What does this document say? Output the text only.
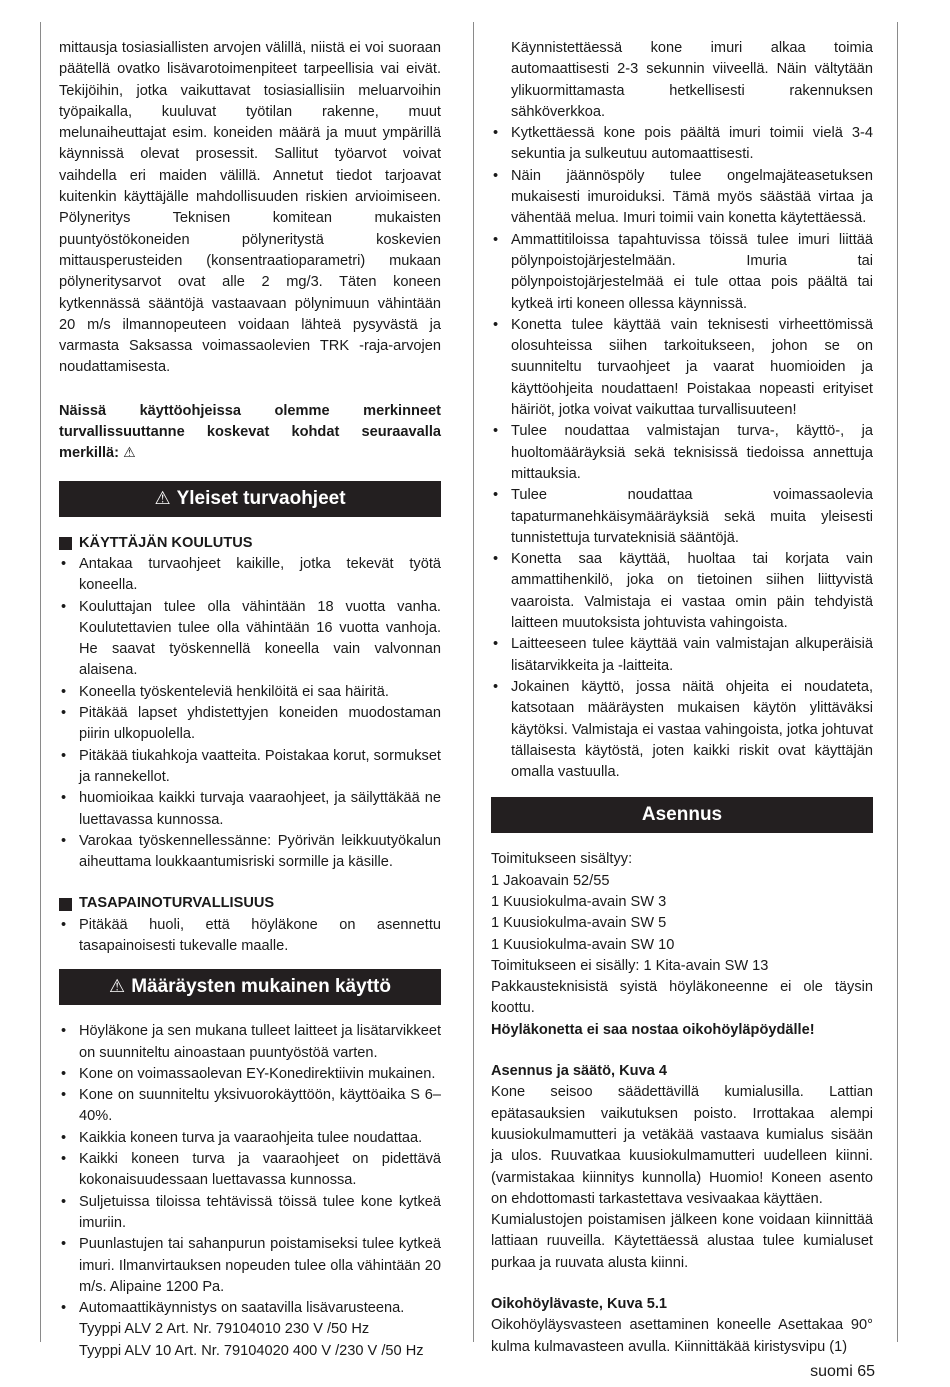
mittausja tosiasiallisten arvojen välillä, niistä ei voi suoraan päätellä ovatko lisävarotoimenpiteet tarpeellisia vai eivät. Tekijöihin, jotka vaikuttavat tosiasiallisiin meluarvoihin työpaikalla, kuuluvat työtilan rakenne, muut melunaiheuttajat esim. koneiden määrä ja muut ympärillä käynnissä olevat prosessit. Sallitut työarvot voivat vaihdella eri maiden välillä. Annetut tiedot tarjoavat kuitenkin käyttäjälle mahdollisuuden riskien arvioimiseen. Pölyneritys Teknisen komitean mukaisten puuntyöstökoneiden pölyneritystä koskevien mittausperusteiden (konsentraatioparametri) mukaan pölyneritysarvot ovat alle 2 mg/3. Täten koneen kytkennässä sääntöjä vastaavaan pölynimuun vähintään 20 m/s ilmannopeuteen voidaan lähteä pysyvästä ja varmasta Saksassa voimassaolevien TRK -raja-arvojen noudattamisesta.

Näissä käyttöohjeissa olemme merkinneet turvallissuuttanne koskevat kohdat seuraavalla merkillä: ⚠

⚠ Yleiset turvaohjeet
KÄYTTÄJÄN KOULUTUS
• Antakaa turvaohjeet kaikille, jotka tekevät työtä koneella.
• Kouluttajan tulee olla vähintään 18 vuotta vanha. Koulutettavien tulee olla vähintään 16 vuotta vanhoja. He saavat työskennellä koneella vain valvonnan alaisena.
• Koneella työskenteleviä henkilöitä ei saa häiritä.
• Pitäkää lapset yhdistettyjen koneiden muodostaman piirin ulkopuolella.
• Pitäkää tiukahkoja vaatteita. Poistakaa korut, sormukset ja rannekellot.
• huomioikaa kaikki turvaja vaaraohjeet, ja säilyttäkää ne luettavassa kunnossa.
• Varokaa työskennellessänne: Pyörivän leikkuutyökalun aiheuttama loukkaantumisriski sormille ja käsille.
TASAPAINOTURVALLISUUS
• Pitäkää huoli, että höyläkone on asennettu tasapainoisesti tukevalle maalle.
⚠ Määräysten mukainen käyttö
• Höyläkone ja sen mukana tulleet laitteet ja lisätarvikkeet on suunniteltu ainoastaan puuntyöstöä varten.
• Kone on voimassaolevan EY-Konedirektiivin mukainen.
• Kone on suunniteltu yksivuorokäyttöön, käyttöaika S 6–40%.
• Kaikkia koneen turva ja vaaraohjeita tulee noudattaa.
• Kaikki koneen turva ja vaaraohjeet on pidettävä kokonaisuudessaan luettavassa kunnossa.
• Suljetuissa tiloissa tehtävissä töissä tulee kone kytkeä imuriin.
• Puunlastujen tai sahanpurun poistamiseksi tulee kytkeä imuri. Ilmanvirtauksen nopeuden tulee olla vähintään 20 m/s. Alipaine 1200 Pa.
• Automaattikäynnistys on saatavilla lisävarusteena.
Tyyppi ALV 2 Art. Nr. 79104010 230 V /50 Hz
Tyyppi ALV 10 Art. Nr. 79104020 400 V /230 V /50 Hz

Käynnistettäessä kone imuri alkaa toimia automaattisesti 2-3 sekunnin viiveellä. Näin vältytään ylikuormittamasta hetkellisesti rakennuksen sähköverkkoa.

• Kytkettäessä kone pois päältä imuri toimii vielä 3-4 sekuntia ja sulkeutuu automaattisesti.
• Näin jäännöspöly tulee ongelmajäteasetuksen mukaisesti imuroiduksi. Tämä myös säästää virtaa ja vähentää melua. Imuri toimii vain konetta käytettäessä.
• Ammattitiloissa tapahtuvissa töissä tulee imuri liittää pölynpoistojärjestelmään. Imuria tai pölynpoistojärjestelmää ei tule ottaa pois päältä tai kytkeä irti koneen ollessa käynnissä.
• Konetta tulee käyttää vain teknisesti virheettömissä olosuhteissa siihen tarkoitukseen, johon se on suunniteltu turvaohjeet ja vaarat huomioiden ja käyttöohjeita noudattaen! Poistakaa nopeasti erityiset häiriöt, jotka voivat vaikuttaa turvallisuuteen!
• Tulee noudattaa valmistajan turva-, käyttö-, ja huoltomääräyksiä sekä teknisissä tiedoissa annettuja mittauksia.
• Tulee noudattaa voimassaolevia tapaturmanehkäisymääräyksiä sekä muita yleisesti tunnistettuja turvateknisiä sääntöjä.
• Konetta saa käyttää, huoltaa tai korjata vain ammattihenkilö, joka on tietoinen siihen liittyvistä vaaroista. Valmistaja ei vastaa omin päin tehdyistä laitteen muutoksista johtuvista vahingoista.
• Laitteeseen tulee käyttää vain valmistajan alkuperäisiä lisätarvikkeita ja -laitteita.
• Jokainen käyttö, jossa näitä ohjeita ei noudateta, katsotaan määräysten mukaisen käytön ylittäväksi käytöksi. Valmistaja ei vastaa vahingoista, jotka johtuvat tällaisesta käytöstä, joten kaikki riskit ovat käyttäjän omalla vastuulla.
Asennus
Toimitukseen sisältyy:
1 Jakoavain 52/55
1 Kuusiokulma-avain SW 3
1 Kuusiokulma-avain SW 5
1 Kuusiokulma-avain SW 10
Toimitukseen ei sisälly: 1 Kita-avain SW 13

Pakkausteknisistä syistä höyläkoneenne ei ole täysin koottu.

Höyläkonetta ei saa nostaa oikohöyläpöydälle!

Asennus ja säätö, Kuva 4

Kone seisoo säädettävillä kumialusilla. Lattian epätasauksien vaikutuksen poisto. Irrottakaa alempi kuusiokulmamutteri ja vetäkää vastaava kumialus sisään ja ulos. Ruuvatkaa kuusiokulmamutteri uudelleen kiinni. (varmistakaa kiinnitys kunnolla) Huomio! Koneen asento on ehdottomasti tarkastettava vesivaakaa käyttäen.

Kumialustojen poistamisen jälkeen kone voidaan kiinnittää lattiaan ruuveilla. Käytettäessä alustaa tulee kumialuset purkaa ja ruuvata alusta kiinni.

Oikohöylävaste, Kuva 5.1

Oikohöyläysvasteen asettaminen koneelle Asettakaa 90° kulma kulmavasteen avulla. Kiinnittäkää kiristysvipu (1)

suomi 65
